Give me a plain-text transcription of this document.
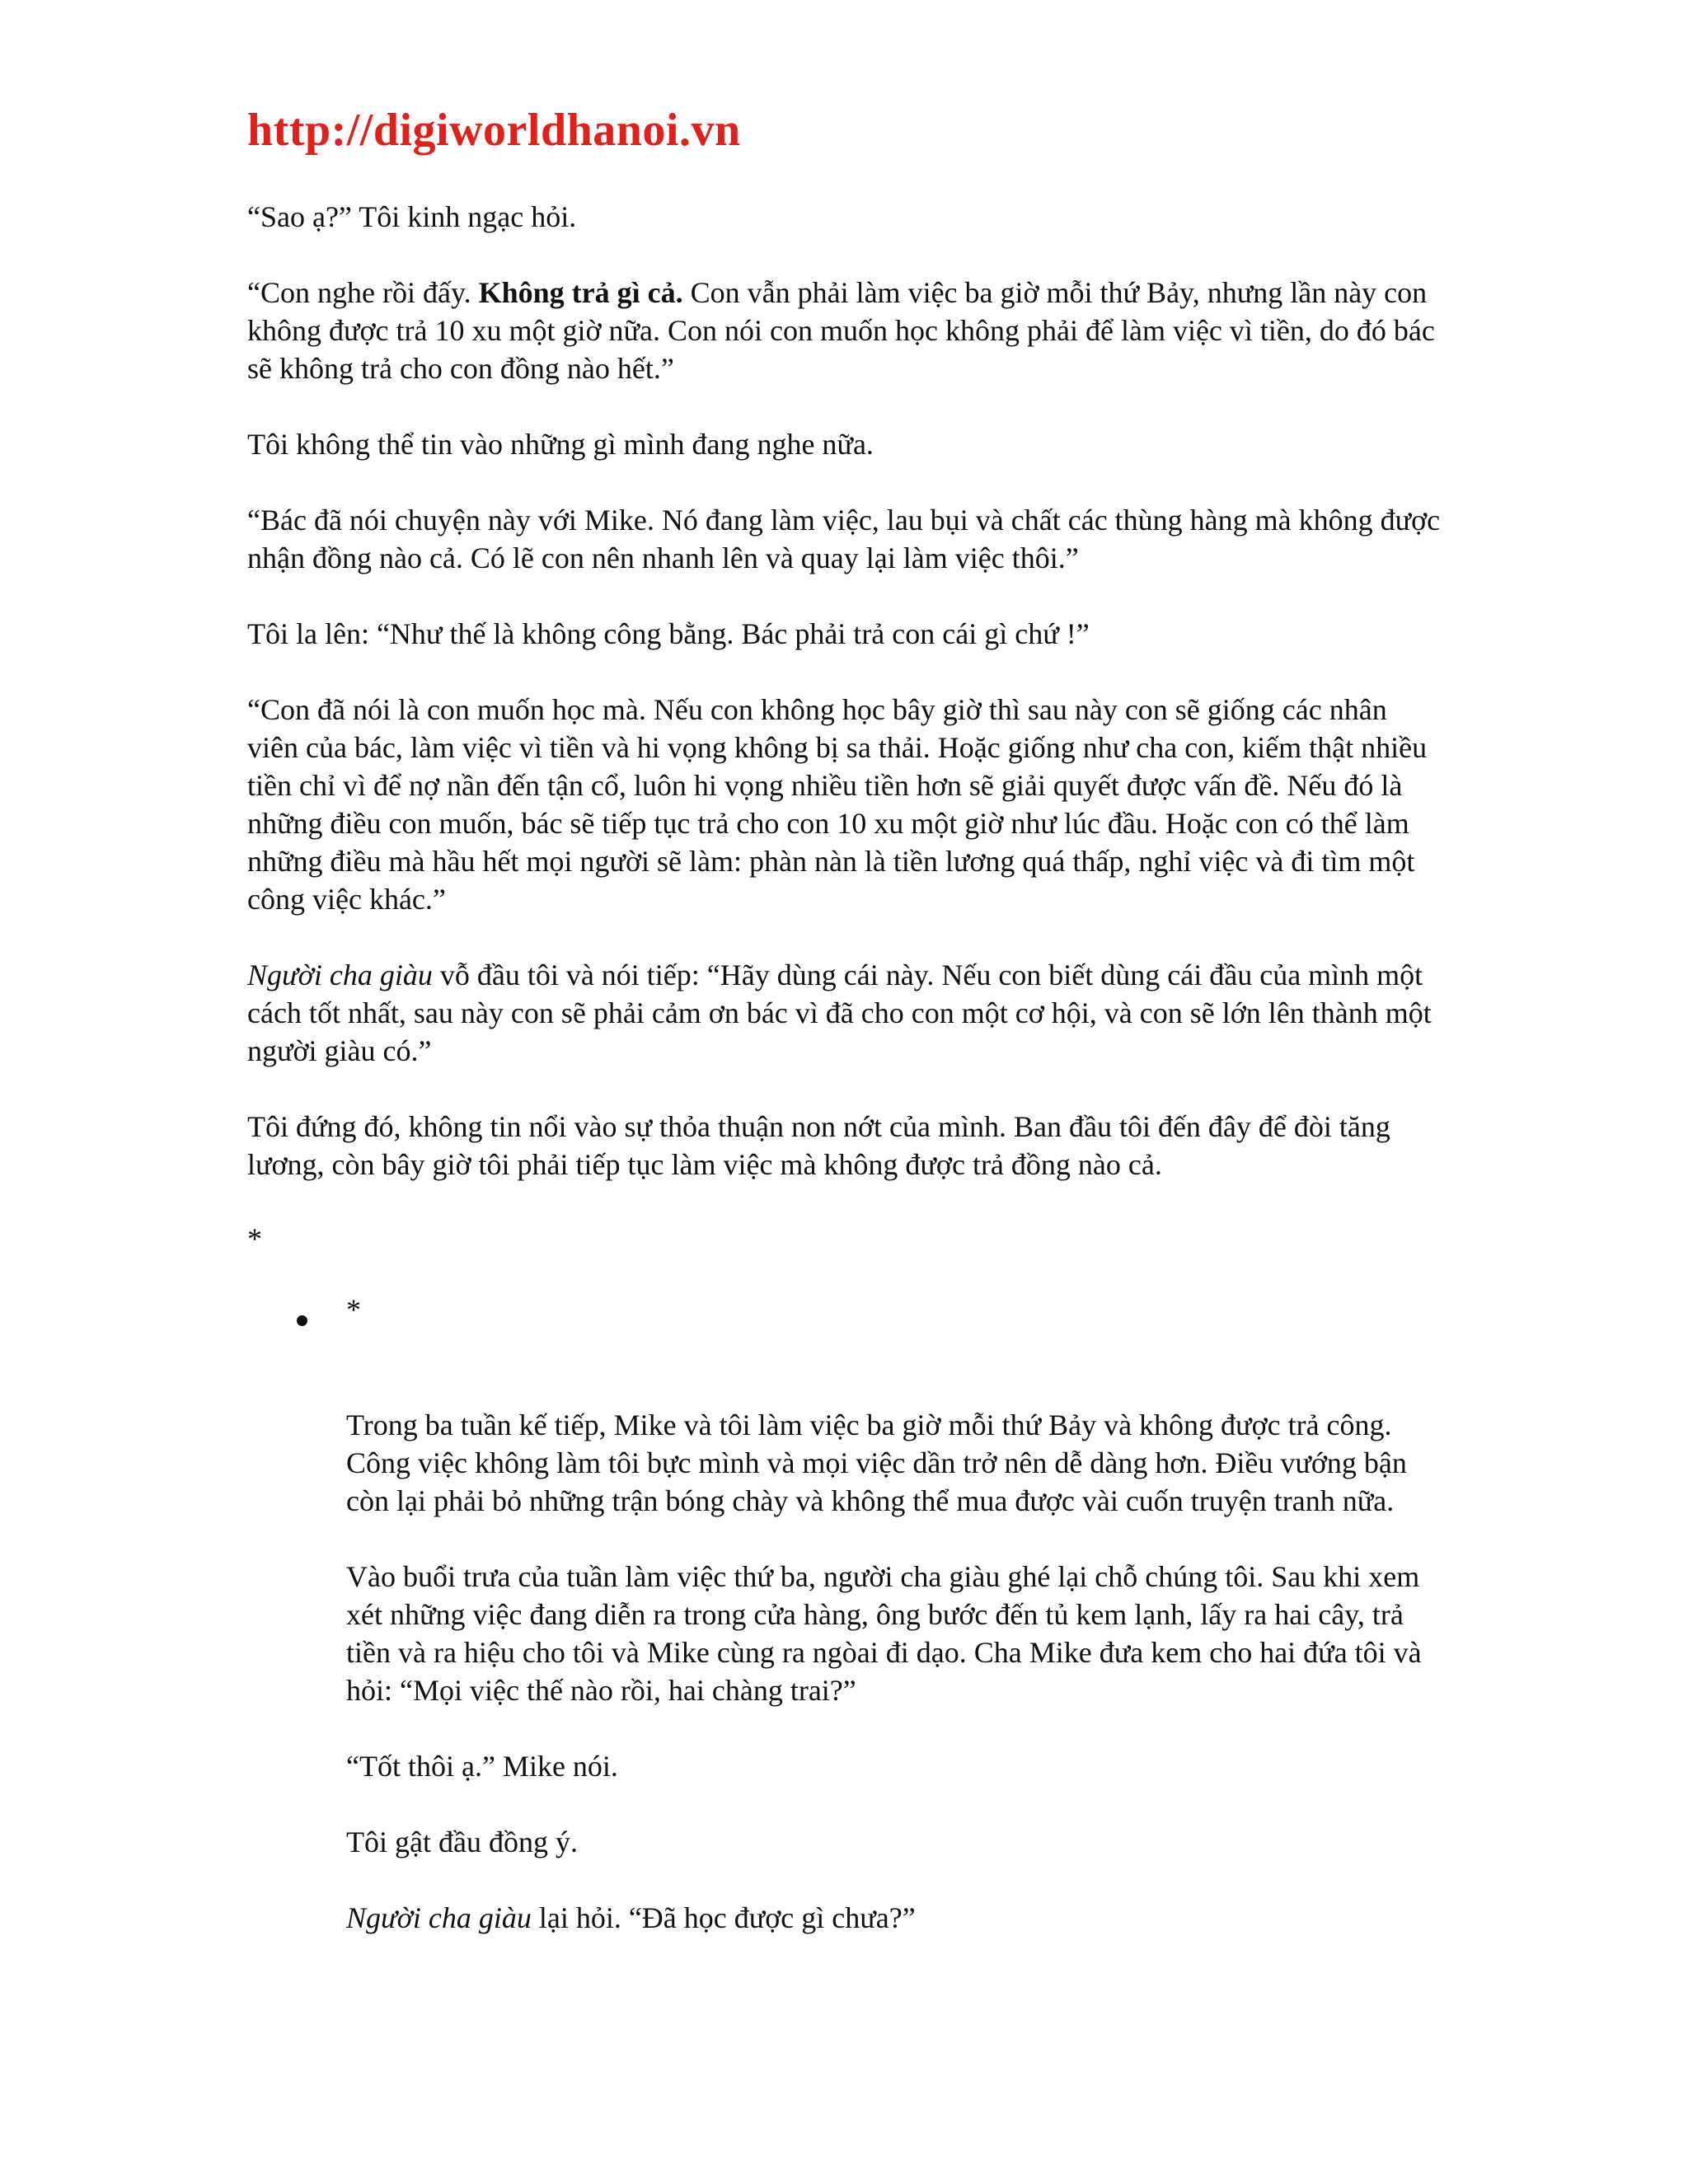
http://digiworldhanoi.vn

“Sao ạ?” Tôi kinh ngạc hỏi.

“Con nghe rồi đấy. Không trả gì cả. Con vẫn phải làm việc ba giờ mỗi thứ Bảy, nhưng lần này con không được trả 10 xu một giờ nữa. Con nói con muốn học không phải để làm việc vì tiền, do đó bác sẽ không trả cho con đồng nào hết.”

Tôi không thể tin vào những gì mình đang nghe nữa.

“Bác đã nói chuyện này với Mike. Nó đang làm việc, lau bụi và chất các thùng hàng mà không được nhận đồng nào cả. Có lẽ con nên nhanh lên và quay lại làm việc thôi.”

Tôi la lên: “Như thế là không công bằng. Bác phải trả con cái gì chứ !”

“Con đã nói là con muốn học mà. Nếu con không học bây giờ thì sau này con sẽ giống các nhân viên của bác, làm việc vì tiền và hi vọng không bị sa thải. Hoặc giống như cha con, kiếm thật nhiều tiền chỉ vì để nợ nần đến tận cổ, luôn hi vọng nhiều tiền hơn sẽ giải quyết được vấn đề. Nếu đó là những điều con muốn, bác sẽ tiếp tục trả cho con 10 xu một giờ như lúc đầu. Hoặc con có thể làm những điều mà hầu hết mọi người sẽ làm: phàn nàn là tiền lương quá thấp, nghỉ việc và đi tìm một công việc khác.”

Người cha giàu vỗ đầu tôi và nói tiếp: “Hãy dùng cái này. Nếu con biết dùng cái đầu của mình một cách tốt nhất, sau này con sẽ phải cảm ơn bác vì đã cho con một cơ hội, và con sẽ lớn lên thành một người giàu có.”

Tôi đứng đó, không tin nổi vào sự thỏa thuận non nớt của mình. Ban đầu tôi đến đây để đòi tăng lương, còn bây giờ tôi phải tiếp tục làm việc mà không được trả đồng nào cả.

*

*

Trong ba tuần kế tiếp, Mike và tôi làm việc ba giờ mỗi thứ Bảy và không được trả công. Công việc không làm tôi bực mình và mọi việc dần trở nên dễ dàng hơn. Điều vướng bận còn lại phải bỏ những trận bóng chày và không thể mua được vài cuốn truyện tranh nữa.

Vào buổi trưa của tuần làm việc thứ ba, người cha giàu ghé lại chỗ chúng tôi. Sau khi xem xét những việc đang diễn ra trong cửa hàng, ông bước đến tủ kem lạnh, lấy ra hai cây, trả tiền và ra hiệu cho tôi và Mike cùng ra ngòai đi dạo. Cha Mike đưa kem cho hai đứa tôi và hỏi: “Mọi việc thế nào rồi, hai chàng trai?”

“Tốt thôi ạ.” Mike nói.

Tôi gật đầu đồng ý.

Người cha giàu lại hỏi. “Đã học được gì chưa?”
